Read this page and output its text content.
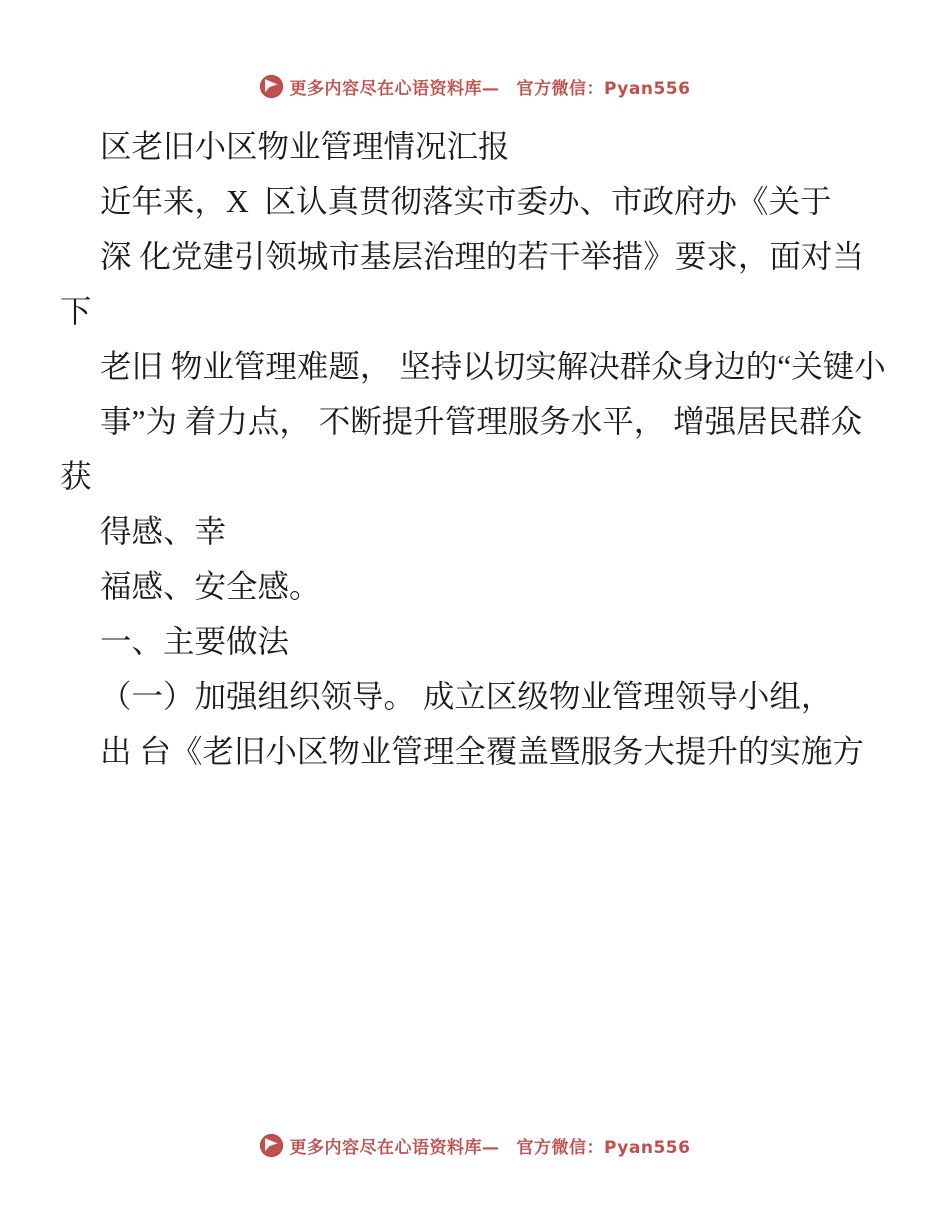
更多内容尽在心语资料库— 官方微信：Pyan556

区老旧小区物业管理情况汇报

近年来，X  区认真贯彻落实市委办、市政府办《关于

深 化党建引领城市基层治理的若干举措》要求，面对当下

老旧 物业管理难题， 坚持以切实解决群众身边的“关键小

事”为 着力点， 不断提升管理服务水平， 增强居民群众获

得感、幸

福感、安全感。

一、主要做法

（一）加强组织领导。 成立区级物业管理领导小组，

出 台《老旧小区物业管理全覆盖暨服务大提升的实施方

更多内容尽在心语资料库— 官方微信：Pyan556
